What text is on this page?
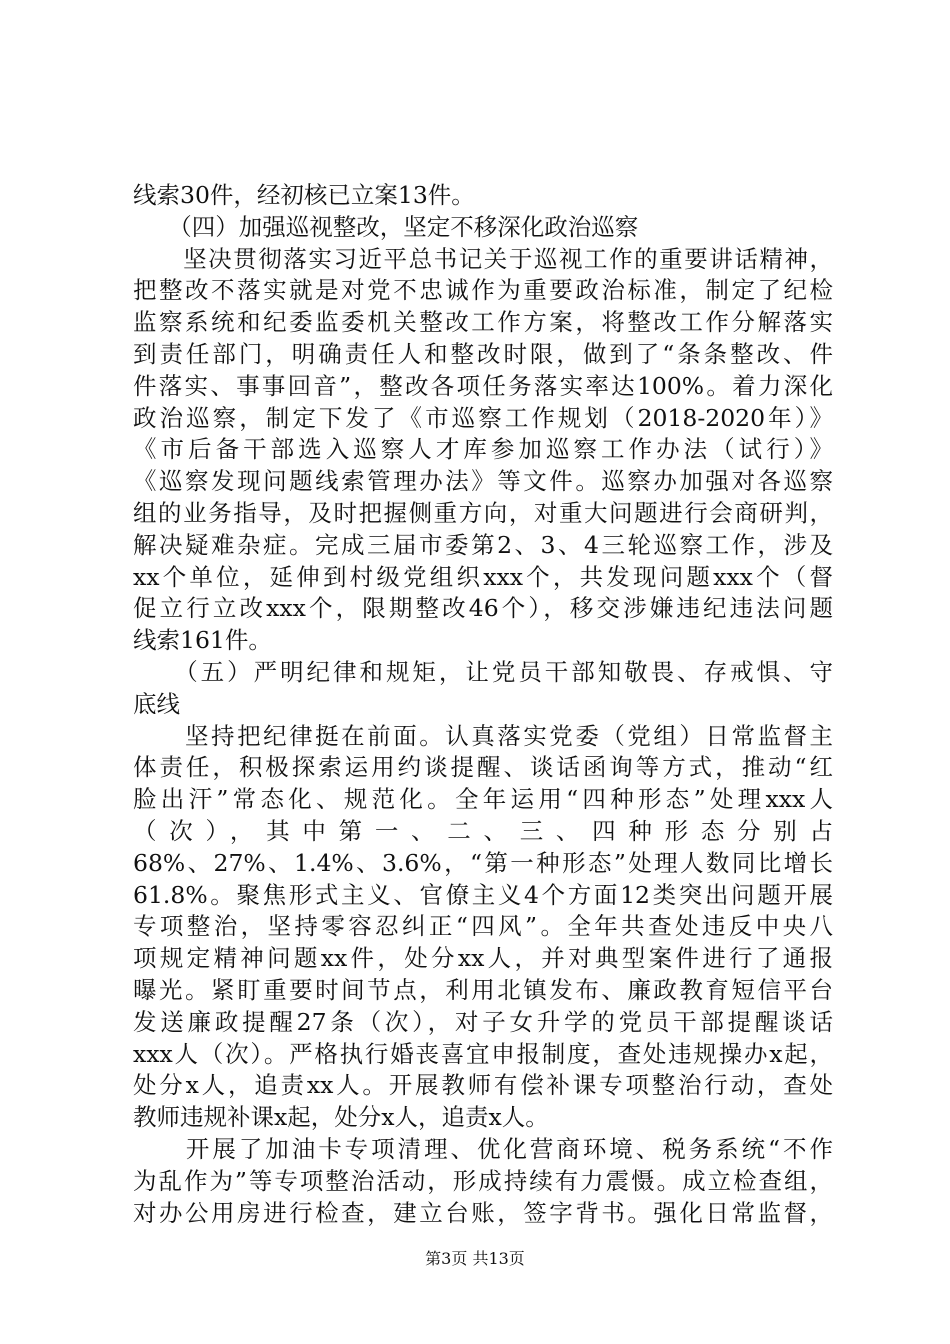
线索30件，经初核已立案13件。
　　（四）加强巡视整改，坚定不移深化政治巡察
　　坚决贯彻落实习近平总书记关于巡视工作的重要讲话精神，
把整改不落实就是对党不忠诚作为重要政治标准，制定了纪检
监察系统和纪委监委机关整改工作方案，将整改工作分解落实
到责任部门，明确责任人和整改时限，做到了“条条整改、件
件落实、事事回音”，整改各项任务落实率达100%。着力深化
政治巡察，制定下发了《市巡察工作规划（2018-2020年）》
《市后备干部选入巡察人才库参加巡察工作办法（试行）》
《巡察发现问题线索管理办法》等文件。巡察办加强对各巡察
组的业务指导，及时把握侧重方向，对重大问题进行会商研判，
解决疑难杂症。完成三届市委第2、3、4三轮巡察工作，涉及
xx个单位，延伸到村级党组织xxx个，共发现问题xxx个（督
促立行立改xxx个，限期整改46个），移交涉嫌违纪违法问题
线索161件。
　　（五）严明纪律和规矩，让党员干部知敬畏、存戒惧、守
底线
　　坚持把纪律挺在前面。认真落实党委（党组）日常监督主
体责任，积极探索运用约谈提醒、谈话函询等方式，推动“红
脸出汗”常态化、规范化。全年运用“四种形态”处理xxx人
（次），其中第一、二、三、四种形态分别占
68%、27%、1.4%、3.6%，“第一种形态”处理人数同比增长
61.8%。聚焦形式主义、官僚主义4个方面12类突出问题开展
专项整治，坚持零容忍纠正“四风”。全年共查处违反中央八
项规定精神问题xx件，处分xx人，并对典型案件进行了通报
曝光。紧盯重要时间节点，利用北镇发布、廉政教育短信平台
发送廉政提醒27条（次），对子女升学的党员干部提醒谈话
xxx人（次）。严格执行婚丧喜宜申报制度，查处违规操办x起，
处分x人，追责xx人。开展教师有偿补课专项整治行动，查处
教师违规补课x起，处分x人，追责x人。
　　开展了加油卡专项清理、优化营商环境、税务系统“不作
为乱作为”等专项整治活动，形成持续有力震慑。成立检查组，
对办公用房进行检查，建立台账，签字背书。强化日常监督，
第3页 共13页
